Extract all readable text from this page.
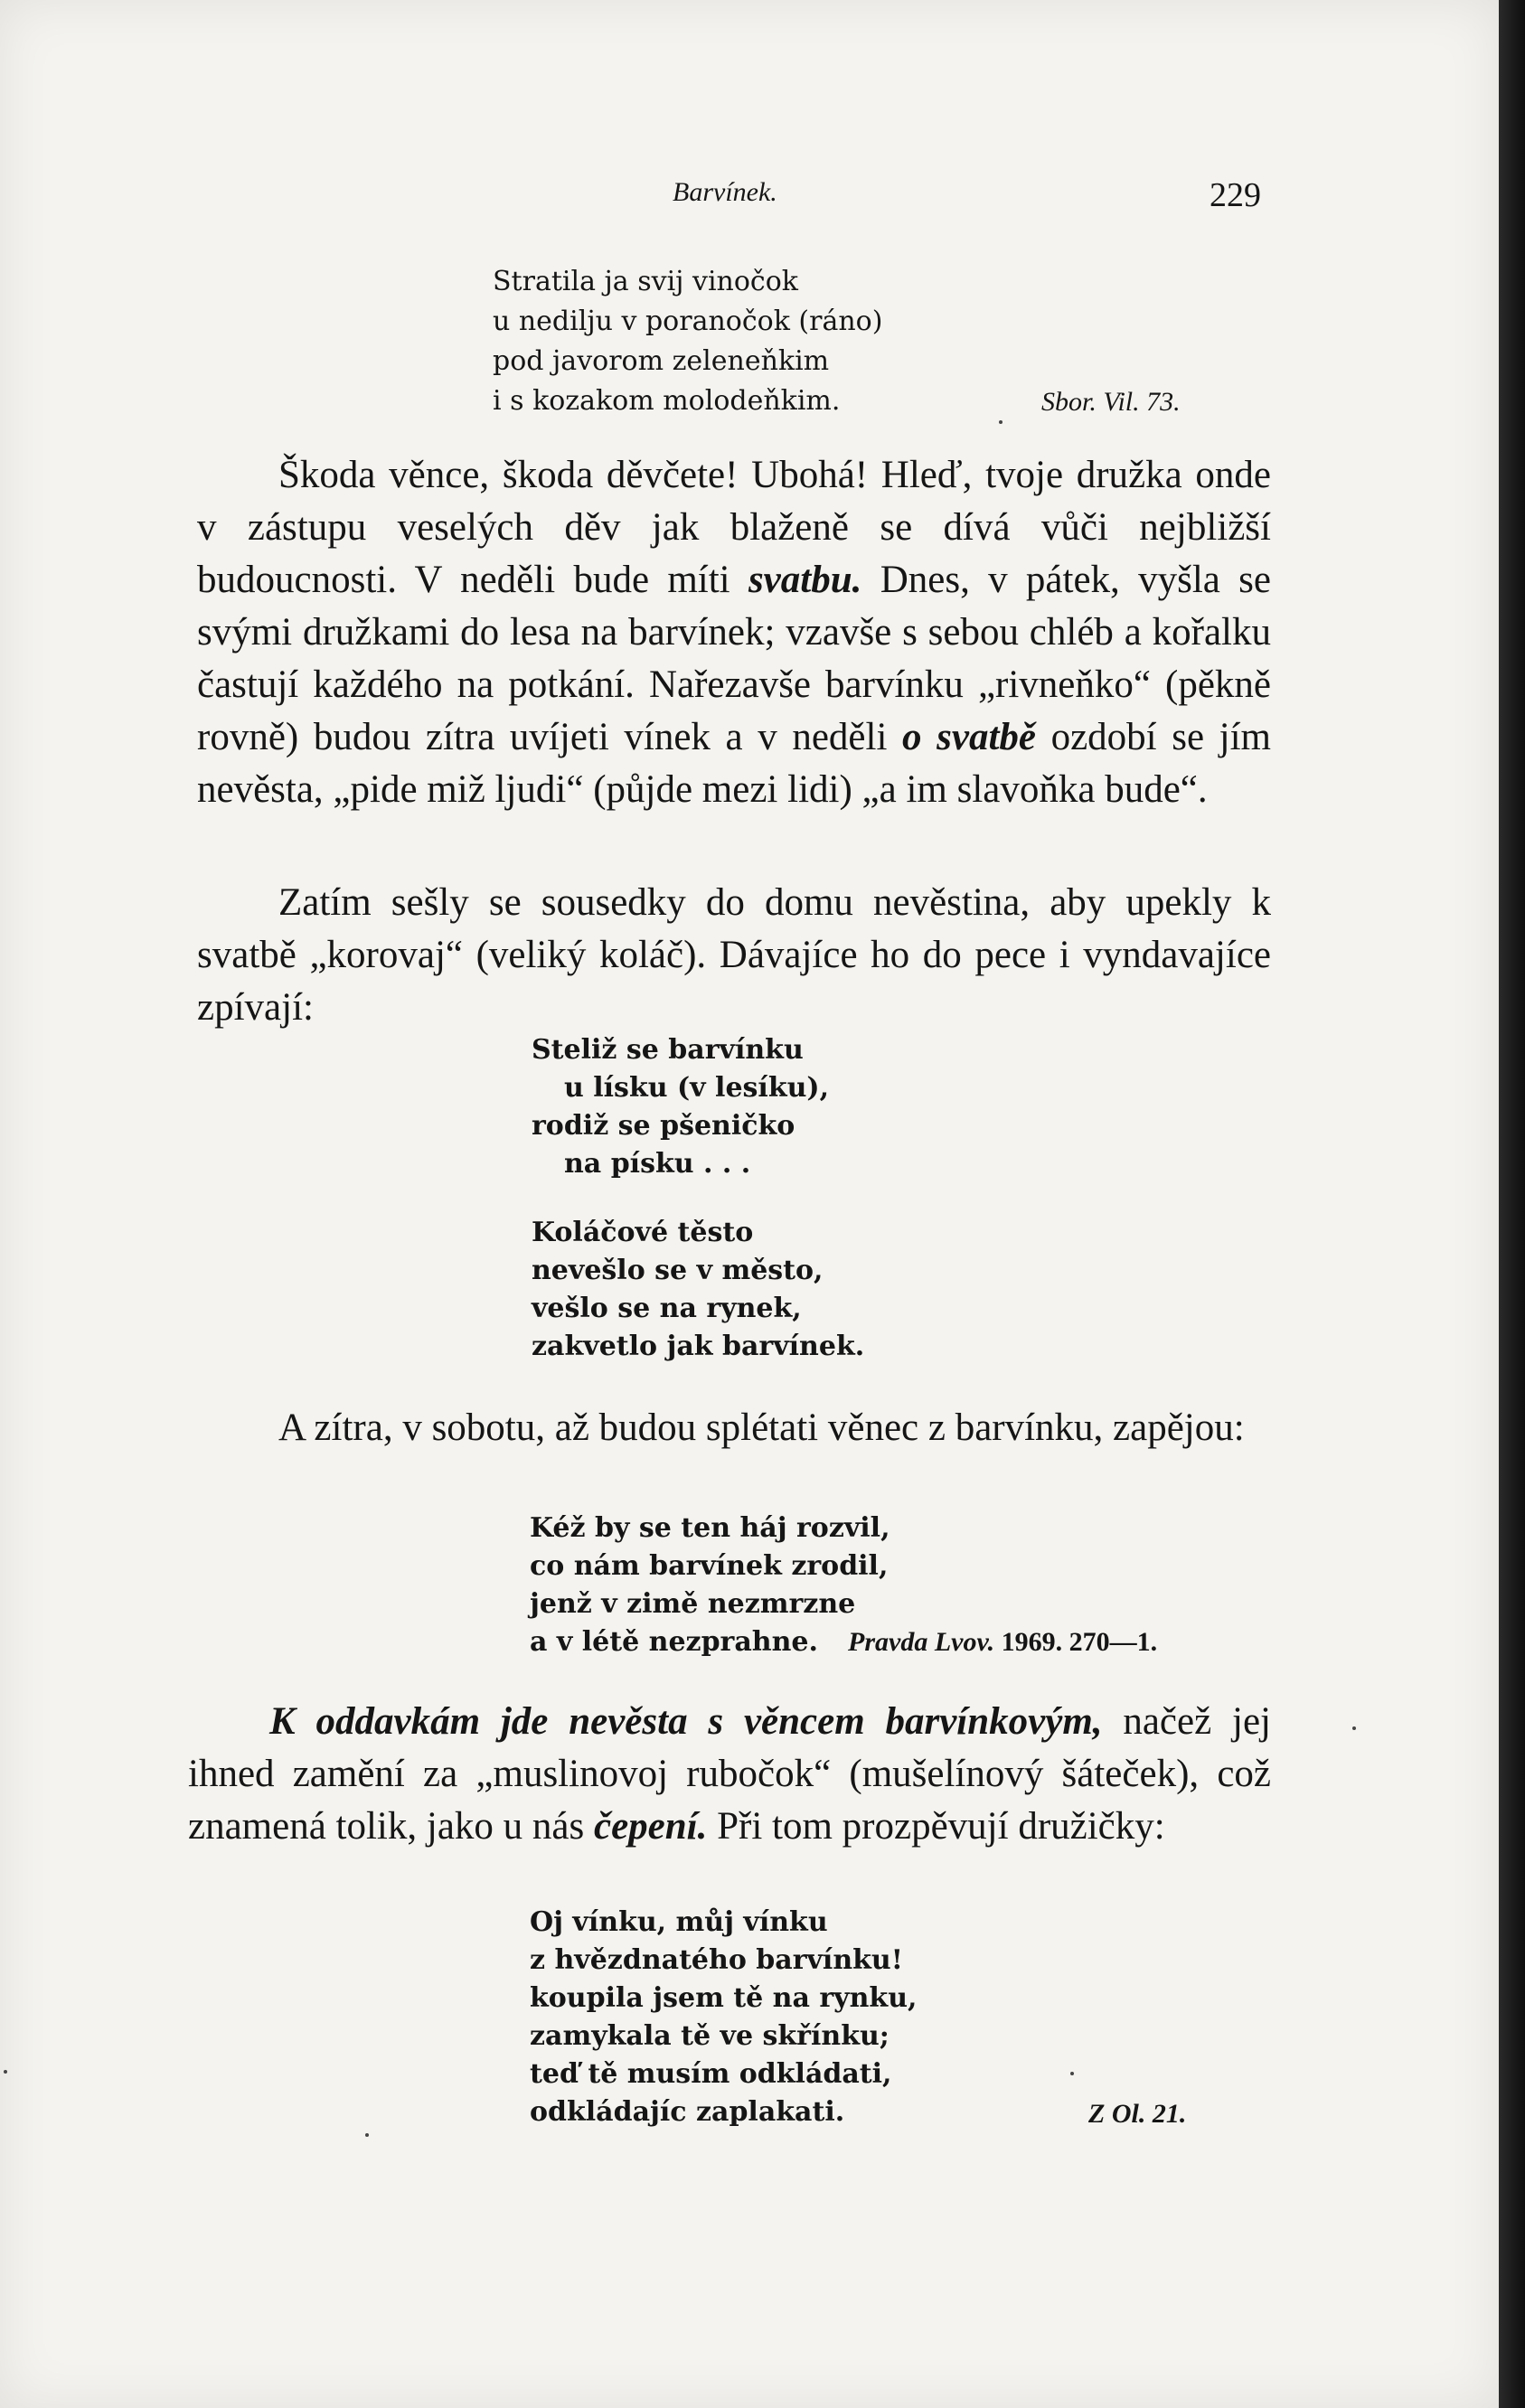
Barvínek.	229
Stratila ja svij vinočok
u nedilju v poranočok (ráno)
pod javorom zeleneňkim
i s kozakom molodeňkim.	Sbor. Vil. 73.
Škoda věnce, škoda děvčete! Ubohá! Hleď, tvoje družka onde v zástupu veselých děv jak blaženě se dívá vůči nejbližší budoucnosti. V neděli bude míti svatbu. Dnes, v pátek, vyšla se svými družkami do lesa na barvínek; vzavše s sebou chléb a kořalku častují každého na potkání. Nařezavše barvínku „rivneňko“ (pěkně rovně) budou zítra uvíjeti vínek a v neděli o svatbě ozdobí se jím nevěsta, „pide miž ljudi“ (půjde mezi lidi) „a im slavoňka bude“.
Zatím sešly se sousedky do domu nevěstina, aby upekly k svatbě „korovaj“ (veliký koláč). Dávajíce ho do pece i vyndavajíce zpívají:
Steliž se barvínku
u lísku (v lesíku),
rodiž se pšeničko
na písku . . .
Koláčové těsto
nevešlo se v město,
vešlo se na rynek,
zakvetlo jak barvínek.
A zítra, v sobotu, až budou splétati věnec z barvínku, zapějou:
Kéž by se ten háj rozvil,
co nám barvínek zrodil,
jenž v zimě nezmrzne
a v létě nezprahne.	Pravda Lvov. 1969. 270—1.
K oddavkám jde nevěsta s věncem barvínkovým, načež jej ihned zamění za „muslinovoj rubočok“ (mušelínový šáteček), což znamená tolik, jako u nás čepení. Při tom prozpěvují družičky:
Oj vínku, můj vínku
z hvězdnatého barvínku!
koupila jsem tě na rynku,
zamykala tě ve skřínku;
teď tě musím odkládati,
odkládajíc zaplakati.	Z Ol. 21.
